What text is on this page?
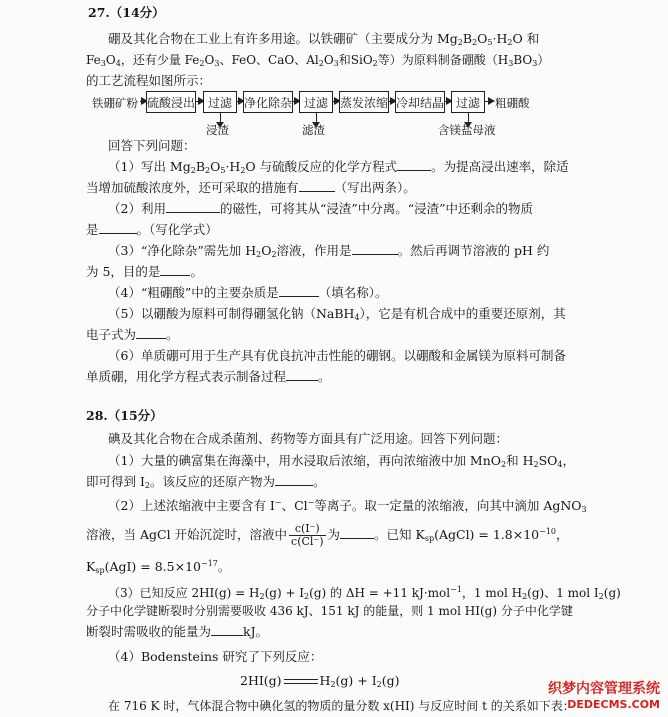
27.（14分）
硼及其化合物在工业上有许多用途。以铁硼矿（主要成分为 $Mg_2B_2O_5\cdot H_2O$ 和
$Fe_3O_4$，还有少量 $Fe_2O_3$、FeO、CaO、$Al_2O_3$和SiO$_2$等）为原料制备硼酸$(H_3BO_3)$
的工艺流程如图所示：
铁硼矿粉 硫酸浸出	过滤	净化除杂 过滤	蒸发浓缩 冷却结晶 过滤	粗硼酸
浸渣	滤渣	含镁盐母液
回答下列问题：
（1）写出 $Mg_2B_2O_5\cdot H_2O$ 与硫酸反应的化学方程式	。为提高浸出速率，除适
当增加硫酸浓度外，还可采取的措施有	（写出两条）。
（2）利用	的磁性，可将其从“浸渣”中分离。“浸渣”中还剩余的物质
是	。（写化学式）
（3）“净化除杂”需先加 $H_2O_2$溶液，作用是	。然后再调节溶液的 pH 约
为 5，目的是 。
（4）“粗硼酸”中的主要杂质是	（填名称）。
（5）以硼酸为原料可制得硼氢化钠（NaBH$_4$），它是有机合成中的重要还原剂，其
电子式为 。
（6）单质硼可用于生产具有优良抗冲击性能的硼钢。以硼酸和金属镁为原料可制备
单质硼，用化学方程式表示制备过程	。
28.（15分）
碘及其化合物在合成杀菌剂、药物等方面具有广泛用途。回答下列问题：
（1）大量的碘富集在海藻中，用水浸取后浓缩，再向浓缩液中加 MnO$_2$和 $H_2SO_4$，
即可得到 $I_2$。该反应的还原产物为	。
（2）上述浓缩液中主要含有 I−、Cl−等离子。取一定量的浓缩液，向其中滴加 AgNO$_3$
溶液，当 AgCl 开始沉淀时，溶液中 $\frac{c(I^-)}{c(Cl^-)}$ 为	。已知 $K_{sp}(AgCl) = 1.8\times 10^{-10}$，
$K_{sp}(AgI) = 8.5\times 10^{-17}$。
（3）已知反应 $2HI(g) = H_2(g) + I_2(g)$ 的 ΔH = +11 kJ·mol$^{-1}$，1 mol $H_2(g)$、1 mol $I_2(g)$
分子中化学键断裂时分别需要吸收 436 kJ、151 kJ 的能量，则 1 mol HI(g) 分子中化学键
断裂时需吸收的能量为	kJ。
（4）Bodensteins 研究了下列反应：
2HI(g)	$H_2(g) + I_2(g)$
在 716 K 时，气体混合物中碘化氢的物质的量分数 x(HI) 与反应时间 t 的关系如下表：
织梦内容管理系统
DEDECMS.COM
